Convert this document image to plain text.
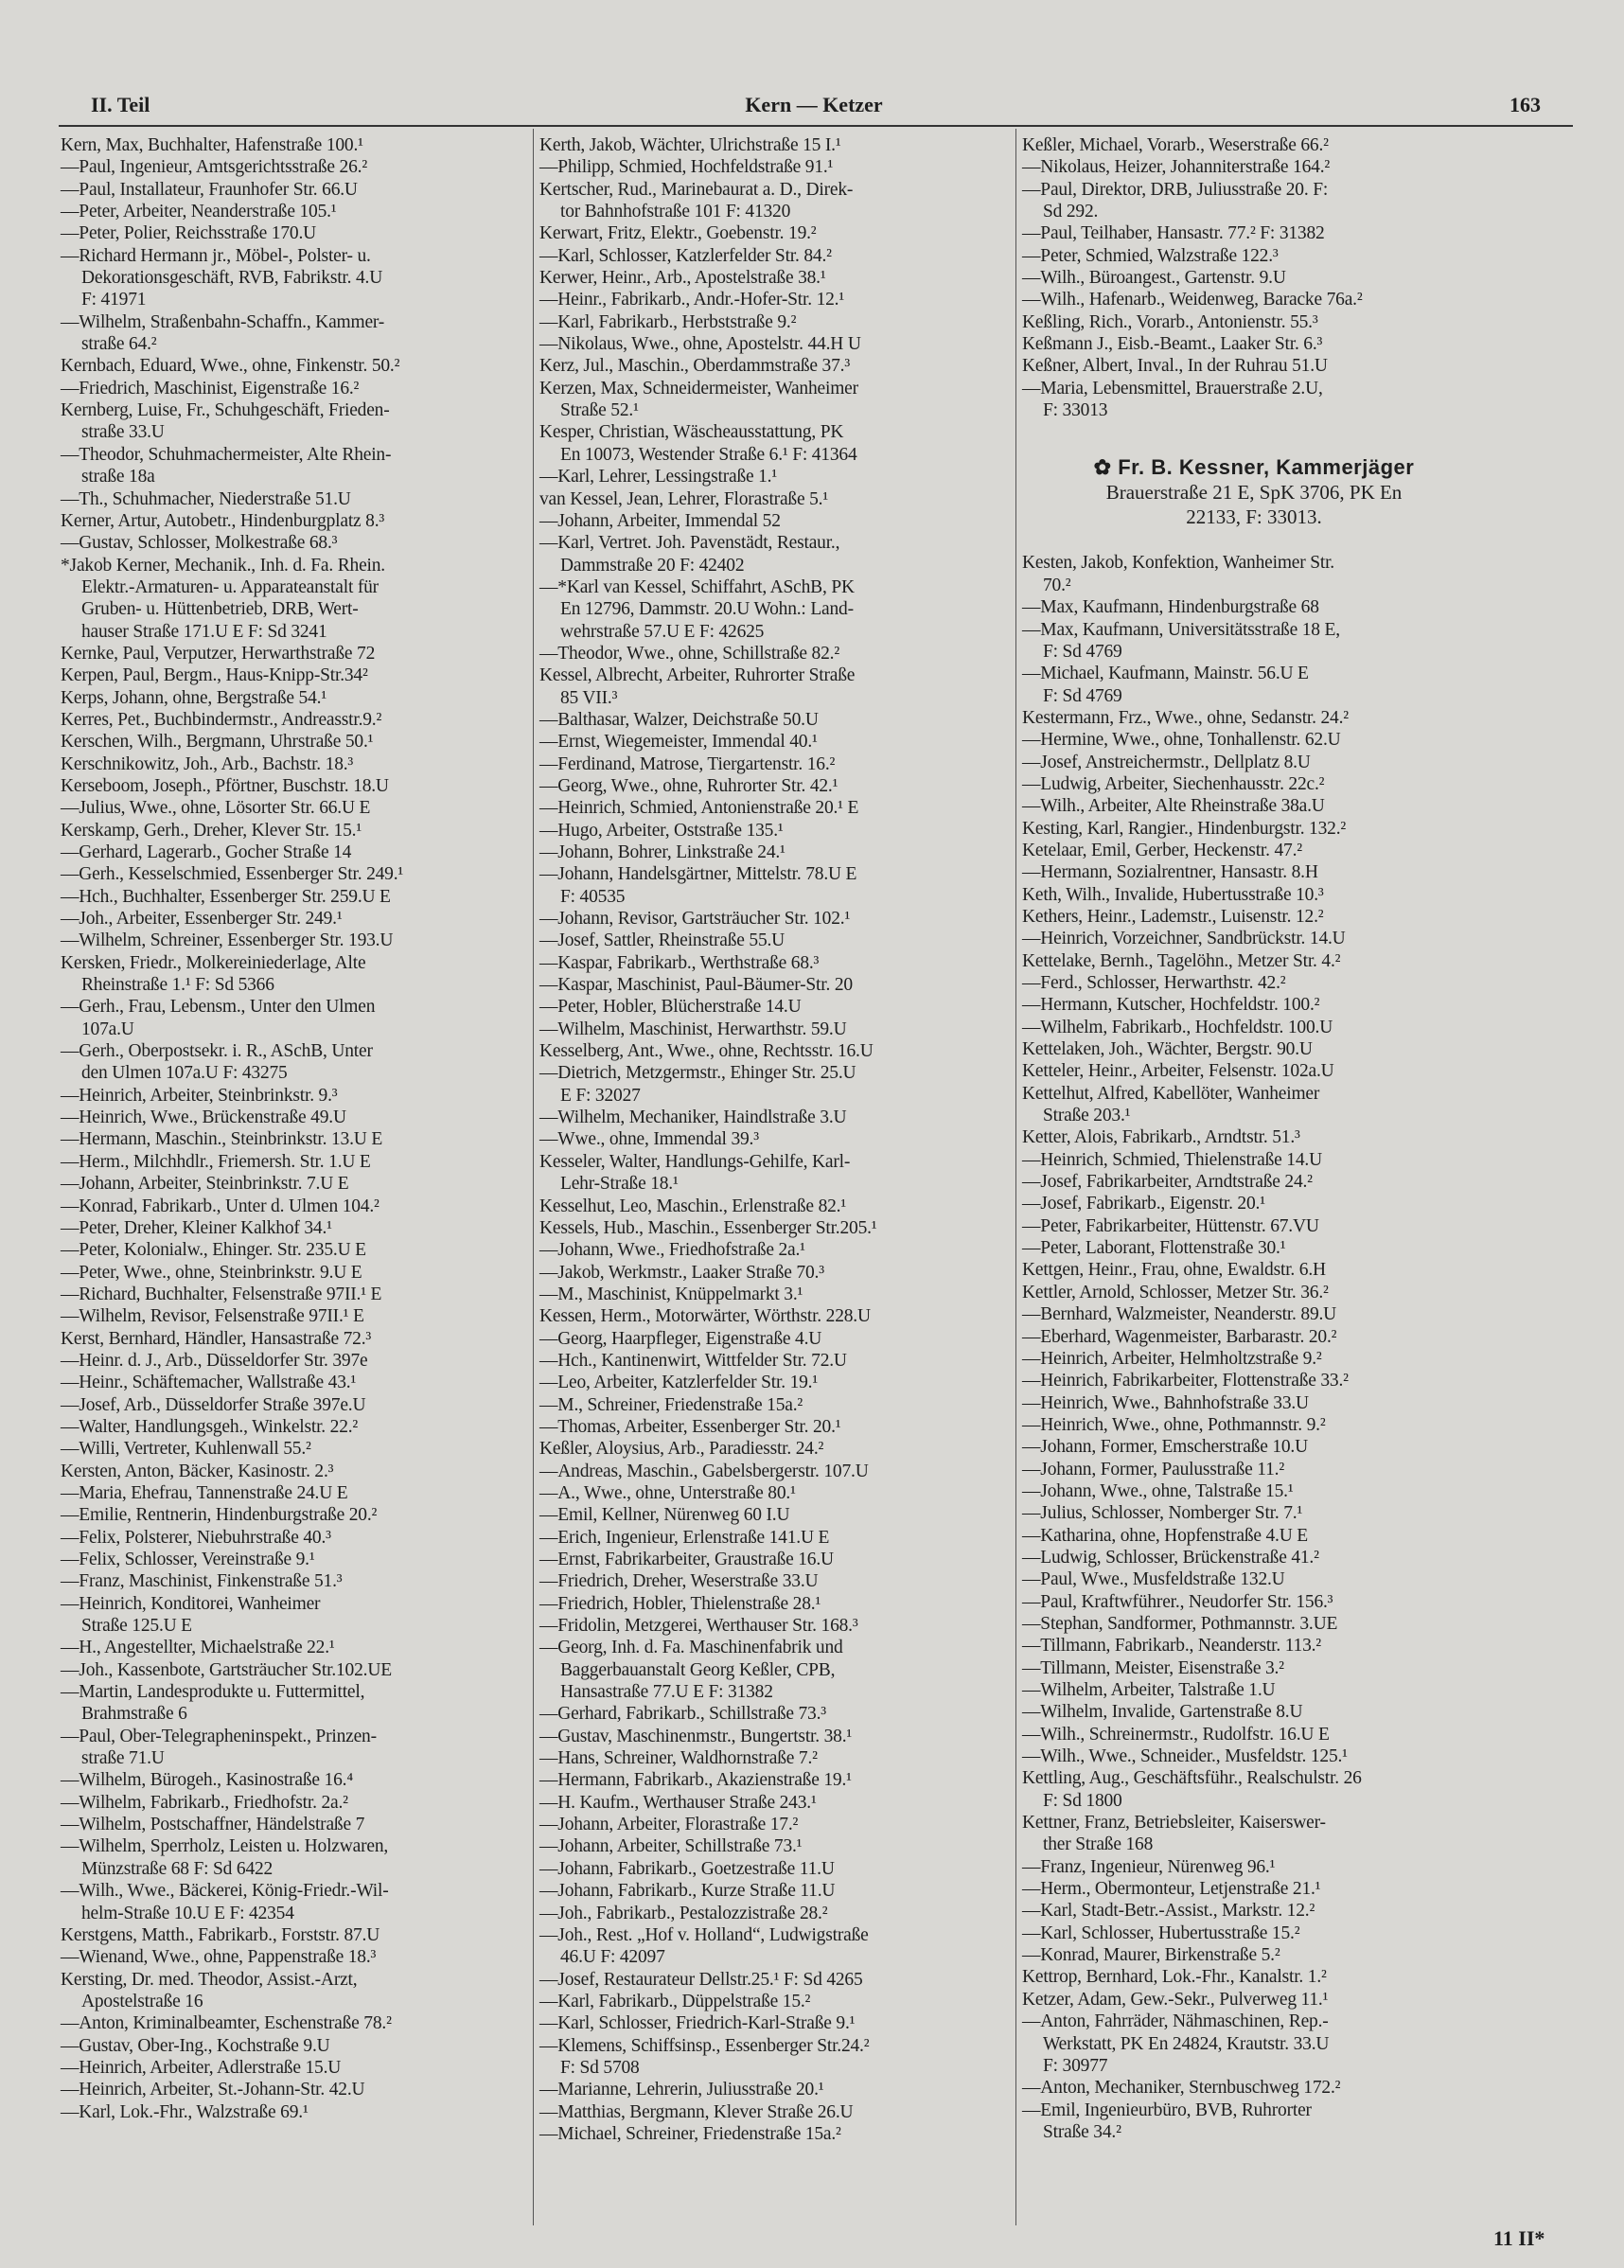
II. Teil	Kern — Ketzer	163
Kern, Max, Buchhalter, Hafenstraße 100.¹
—Paul, Ingenieur, Amtsgerichtsstraße 26.²
—Paul, Installateur, Fraunhofer Str. 66.U
—Peter, Arbeiter, Neanderstraße 105.¹
—Peter, Polier, Reichsstraße 170.U
—Richard Hermann jr., Möbel-, Polster- u.
Dekorationsgeschäft, RVB, Fabrikstr. 4.U
F: 41971
—Wilhelm, Straßenbahn-Schaffn., Kammer-
straße 64.²
Kernbach, Eduard, Wwe., ohne, Finkenstr. 50.²
—Friedrich, Maschinist, Eigenstraße 16.²
Kernberg, Luise, Fr., Schuhgeschäft, Frieden-
straße 33.U
—Theodor, Schuhmachermeister, Alte Rhein-
straße 18a
—Th., Schuhmacher, Niederstraße 51.U
Kerner, Artur, Autobetr., Hindenburgplatz 8.³
—Gustav, Schlosser, Molkestraße 68.³
*Jakob Kerner, Mechanik., Inh. d. Fa. Rhein.
Elektr.-Armaturen- u. Apparateanstalt für
Gruben- u. Hüttenbetrieb, DRB, Wert-
hauser Straße 171.U E F: Sd 3241
Kernke, Paul, Verputzer, Herwarthstraße 72
Kerpen, Paul, Bergm., Haus-Knipp-Str.34²
Kerps, Johann, ohne, Bergstraße 54.¹
Kerres, Pet., Buchbindermstr., Andreasstr.9.²
Kerschen, Wilh., Bergmann, Uhrstraße 50.¹
Kerschnikowitz, Joh., Arb., Bachstr. 18.³
Kerseboom, Joseph., Pförtner, Buschstr. 18.U
—Julius, Wwe., ohne, Lösorter Str. 66.U E
Kerskamp, Gerh., Dreher, Klever Str. 15.¹
—Gerhard, Lagerarb., Gocher Straße 14
—Gerh., Kesselschmied, Essenberger Str. 249.¹
—Hch., Buchhalter, Essenberger Str. 259.U E
—Joh., Arbeiter, Essenberger Str. 249.¹
—Wilhelm, Schreiner, Essenberger Str. 193.U
Kersken, Friedr., Molkereiniederlage, Alte
Rheinstraße 1.¹ F: Sd 5366
—Gerh., Frau, Lebensm., Unter den Ulmen
107a.U
—Gerh., Oberpostsekr. i. R., ASchB, Unter
den Ulmen 107a.U F: 43275
—Heinrich, Arbeiter, Steinbrinkstr. 9.³
—Heinrich, Wwe., Brückenstraße 49.U
—Hermann, Maschin., Steinbrinkstr. 13.U E
—Herm., Milchhdlr., Friemersh. Str. 1.U E
—Johann, Arbeiter, Steinbrinkstr. 7.U E
—Konrad, Fabrikarb., Unter d. Ulmen 104.²
—Peter, Dreher, Kleiner Kalkhof 34.¹
—Peter, Kolonialw., Ehinger. Str. 235.U E
—Peter, Wwe., ohne, Steinbrinkstr. 9.U E
—Richard, Buchhalter, Felsenstraße 97II.¹ E
—Wilhelm, Revisor, Felsenstraße 97II.¹ E
Kerst, Bernhard, Händler, Hansastraße 72.³
—Heinr. d. J., Arb., Düsseldorfer Str. 397e
—Heinr., Schäftemacher, Wallstraße 43.¹
—Josef, Arb., Düsseldorfer Straße 397e.U
—Walter, Handlungsgeh., Winkelstr. 22.²
—Willi, Vertreter, Kuhlenwall 55.²
Kersten, Anton, Bäcker, Kasinostr. 2.³
—Maria, Ehefrau, Tannenstraße 24.U E
—Emilie, Rentnerin, Hindenburgstraße 20.²
—Felix, Polsterer, Niebuhrstraße 40.³
—Felix, Schlosser, Vereinstraße 9.¹
—Franz, Maschinist, Finkenstraße 51.³
—Heinrich, Konditorei, Wanheimer
Straße 125.U E
—H., Angestellter, Michaelstraße 22.¹
—Joh., Kassenbote, Gartsträucher Str.102.UE
—Martin, Landesprodukte u. Futtermittel,
Brahmstraße 6
—Paul, Ober-Telegrapheninspekt., Prinzen-
straße 71.U
—Wilhelm, Bürogeh., Kasinostraße 16.⁴
—Wilhelm, Fabrikarb., Friedhofstr. 2a.²
—Wilhelm, Postschaffner, Händelstraße 7
—Wilhelm, Sperrholz, Leisten u. Holzwaren,
Münzstraße 68 F: Sd 6422
—Wilh., Wwe., Bäckerei, König-Friedr.-Wil-
helm-Straße 10.U E F: 42354
Kerstgens, Matth., Fabrikarb., Forststr. 87.U
—Wienand, Wwe., ohne, Pappenstraße 18.³
Kersting, Dr. med. Theodor, Assist.-Arzt,
Apostelstraße 16
—Anton, Kriminalbeamter, Eschenstraße 78.²
—Gustav, Ober-Ing., Kochstraße 9.U
—Heinrich, Arbeiter, Adlerstraße 15.U
—Heinrich, Arbeiter, St.-Johann-Str. 42.U
—Karl, Lok.-Fhr., Walzstraße 69.¹
Kerth, Jakob, Wächter, Ulrichstraße 15 I.¹
—Philipp, Schmied, Hochfeldstraße 91.¹
Kertscher, Rud., Marinebaurat a. D., Direk-
tor Bahnhofstraße 101 F: 41320
Kerwart, Fritz, Elektr., Goebenstr. 19.²
—Karl, Schlosser, Katzlerfelder Str. 84.²
Kerwer, Heinr., Arb., Apostelstraße 38.¹
—Heinr., Fabrikarb., Andr.-Hofer-Str. 12.¹
—Karl, Fabrikarb., Herbststraße 9.²
—Nikolaus, Wwe., ohne, Apostelstr. 44.H U
Kerz, Jul., Maschin., Oberdammstraße 37.³
Kerzen, Max, Schneidermeister, Wanheimer
Straße 52.¹
Kesper, Christian, Wäscheausstattung, PK
En 10073, Westender Straße 6.¹ F: 41364
—Karl, Lehrer, Lessingstraße 1.¹
van Kessel, Jean, Lehrer, Florastraße 5.¹
—Johann, Arbeiter, Immendal 52
—Karl, Vertret. Joh. Pavenstädt, Restaur.,
Dammstraße 20 F: 42402
—*Karl van Kessel, Schiffahrt, ASchB, PK
En 12796, Dammstr. 20.U Wohn.: Land-
wehrstraße 57.U E F: 42625
—Theodor, Wwe., ohne, Schillstraße 82.²
Kessel, Albrecht, Arbeiter, Ruhrorter Straße
85 VII.³
—Balthasar, Walzer, Deichstraße 50.U
—Ernst, Wiegemeister, Immendal 40.¹
—Ferdinand, Matrose, Tiergartenstr. 16.²
—Georg, Wwe., ohne, Ruhrorter Str. 42.¹
—Heinrich, Schmied, Antonienstraße 20.¹ E
—Hugo, Arbeiter, Oststraße 135.¹
—Johann, Bohrer, Linkstraße 24.¹
—Johann, Handelsgärtner, Mittelstr. 78.U E
F: 40535
—Johann, Revisor, Gartsträucher Str. 102.¹
—Josef, Sattler, Rheinstraße 55.U
—Kaspar, Fabrikarb., Werthstraße 68.³
—Kaspar, Maschinist, Paul-Bäumer-Str. 20
—Peter, Hobler, Blücherstraße 14.U
—Wilhelm, Maschinist, Herwarthstr. 59.U
Kesselberg, Ant., Wwe., ohne, Rechtsstr. 16.U
—Dietrich, Metzgermstr., Ehinger Str. 25.U
E F: 32027
—Wilhelm, Mechaniker, Haindlstraße 3.U
—Wwe., ohne, Immendal 39.³
Kesseler, Walter, Handlungs-Gehilfe, Karl-
Lehr-Straße 18.¹
Kesselhut, Leo, Maschin., Erlenstraße 82.¹
Kessels, Hub., Maschin., Essenberger Str.205.¹
—Johann, Wwe., Friedhofstraße 2a.¹
—Jakob, Werkmstr., Laaker Straße 70.³
—M., Maschinist, Knüppelmarkt 3.¹
Kessen, Herm., Motorwärter, Wörthstr. 228.U
—Georg, Haarpfleger, Eigenstraße 4.U
—Hch., Kantinenwirt, Wittfelder Str. 72.U
—Leo, Arbeiter, Katzlerfelder Str. 19.¹
—M., Schreiner, Friedenstraße 15a.²
—Thomas, Arbeiter, Essenberger Str. 20.¹
Keßler, Aloysius, Arb., Paradiesstr. 24.²
—Andreas, Maschin., Gabelsbergerstr. 107.U
—A., Wwe., ohne, Unterstraße 80.¹
—Emil, Kellner, Nürenweg 60 I.U
—Erich, Ingenieur, Erlenstraße 141.U E
—Ernst, Fabrikarbeiter, Graustraße 16.U
—Friedrich, Dreher, Weserstraße 33.U
—Friedrich, Hobler, Thielenstraße 28.¹
—Fridolin, Metzgerei, Werthauser Str. 168.³
—Georg, Inh. d. Fa. Maschinenfabrik und
Baggerbauanstalt Georg Keßler, CPB,
Hansastraße 77.U E F: 31382
—Gerhard, Fabrikarb., Schillstraße 73.³
—Gustav, Maschinenmstr., Bungertstr. 38.¹
—Hans, Schreiner, Waldhornstraße 7.²
—Hermann, Fabrikarb., Akazienstraße 19.¹
—H. Kaufm., Werthauser Straße 243.¹
—Johann, Arbeiter, Florastraße 17.²
—Johann, Arbeiter, Schillstraße 73.¹
—Johann, Fabrikarb., Goetzestraße 11.U
—Johann, Fabrikarb., Kurze Straße 11.U
—Joh., Fabrikarb., Pestalozzistraße 28.²
—Joh., Rest. „Hof v. Holland“, Ludwigstraße
46.U F: 42097
—Josef, Restaurateur Dellstr.25.¹ F: Sd 4265
—Karl, Fabrikarb., Düppelstraße 15.²
—Karl, Schlosser, Friedrich-Karl-Straße 9.¹
—Klemens, Schiffsinsp., Essenberger Str.24.²
F: Sd 5708
—Marianne, Lehrerin, Juliusstraße 20.¹
—Matthias, Bergmann, Klever Straße 26.U
—Michael, Schreiner, Friedenstraße 15a.²
Keßler, Michael, Vorarb., Weserstraße 66.²
—Nikolaus, Heizer, Johanniterstraße 164.²
—Paul, Direktor, DRB, Juliusstraße 20. F:
Sd 292.
—Paul, Teilhaber, Hansastr. 77.² F: 31382
—Peter, Schmied, Walzstraße 122.³
—Wilh., Büroangest., Gartenstr. 9.U
—Wilh., Hafenarb., Weidenweg, Baracke 76a.²
Keßling, Rich., Vorarb., Antonienstr. 55.³
Keßmann J., Eisb.-Beamt., Laaker Str. 6.³
Keßner, Albert, Inval., In der Ruhrau 51.U
—Maria, Lebensmittel, Brauerstraße 2.U,
F: 33013
✿ Fr. B. Kessner, Kammerjäger
Brauerstraße 21 E, SpK 3706, PK En
22133, F: 33013.
Kesten, Jakob, Konfektion, Wanheimer Str.
70.²
—Max, Kaufmann, Hindenburgstraße 68
—Max, Kaufmann, Universitätsstraße 18 E,
F: Sd 4769
—Michael, Kaufmann, Mainstr. 56.U E
F: Sd 4769
Kestermann, Frz., Wwe., ohne, Sedanstr. 24.²
—Hermine, Wwe., ohne, Tonhallenstr. 62.U
—Josef, Anstreichermstr., Dellplatz 8.U
—Ludwig, Arbeiter, Siechenhausstr. 22c.²
—Wilh., Arbeiter, Alte Rheinstraße 38a.U
Kesting, Karl, Rangier., Hindenburgstr. 132.²
Ketelaar, Emil, Gerber, Heckenstr. 47.²
—Hermann, Sozialrentner, Hansastr. 8.H
Keth, Wilh., Invalide, Hubertusstraße 10.³
Kethers, Heinr., Lademstr., Luisenstr. 12.²
—Heinrich, Vorzeichner, Sandbrückstr. 14.U
Kettelake, Bernh., Tagelöhn., Metzer Str. 4.²
—Ferd., Schlosser, Herwarthstr. 42.²
—Hermann, Kutscher, Hochfeldstr. 100.²
—Wilhelm, Fabrikarb., Hochfeldstr. 100.U
Kettelaken, Joh., Wächter, Bergstr. 90.U
Ketteler, Heinr., Arbeiter, Felsenstr. 102a.U
Kettelhut, Alfred, Kabellöter, Wanheimer
Straße 203.¹
Ketter, Alois, Fabrikarb., Arndtstr. 51.³
—Heinrich, Schmied, Thielenstraße 14.U
—Josef, Fabrikarbeiter, Arndtstraße 24.²
—Josef, Fabrikarb., Eigenstr. 20.¹
—Peter, Fabrikarbeiter, Hüttenstr. 67.VU
—Peter, Laborant, Flottenstraße 30.¹
Kettgen, Heinr., Frau, ohne, Ewaldstr. 6.H
Kettler, Arnold, Schlosser, Metzer Str. 36.²
—Bernhard, Walzmeister, Neanderstr. 89.U
—Eberhard, Wagenmeister, Barbarastr. 20.²
—Heinrich, Arbeiter, Helmholtzstraße 9.²
—Heinrich, Fabrikarbeiter, Flottenstraße 33.²
—Heinrich, Wwe., Bahnhofstraße 33.U
—Heinrich, Wwe., ohne, Pothmannstr. 9.²
—Johann, Former, Emscherstraße 10.U
—Johann, Former, Paulusstraße 11.²
—Johann, Wwe., ohne, Talstraße 15.¹
—Julius, Schlosser, Nomberger Str. 7.¹
—Katharina, ohne, Hopfenstraße 4.U E
—Ludwig, Schlosser, Brückenstraße 41.²
—Paul, Wwe., Musfeldstraße 132.U
—Paul, Kraftwführer., Neudorfer Str. 156.³
—Stephan, Sandformer, Pothmannstr. 3.UE
—Tillmann, Fabrikarb., Neanderstr. 113.²
—Tillmann, Meister, Eisenstraße 3.²
—Wilhelm, Arbeiter, Talstraße 1.U
—Wilhelm, Invalide, Gartenstraße 8.U
—Wilh., Schreinermstr., Rudolfstr. 16.U E
—Wilh., Wwe., Schneider., Musfeldstr. 125.¹
Kettling, Aug., Geschäftsführ., Realschulstr. 26
F: Sd 1800
Kettner, Franz, Betriebsleiter, Kaiserswer-
ther Straße 168
—Franz, Ingenieur, Nürenweg 96.¹
—Herm., Obermonteur, Letjenstraße 21.¹
—Karl, Stadt-Betr.-Assist., Markstr. 12.²
—Karl, Schlosser, Hubertusstraße 15.²
—Konrad, Maurer, Birkenstraße 5.²
Kettrop, Bernhard, Lok.-Fhr., Kanalstr. 1.²
Ketzer, Adam, Gew.-Sekr., Pulverweg 11.¹
—Anton, Fahrräder, Nähmaschinen, Rep.-
Werkstatt, PK En 24824, Krautstr. 33.U
F: 30977
—Anton, Mechaniker, Sternbuschweg 172.²
—Emil, Ingenieurbüro, BVB, Ruhrorter
Straße 34.²
11 II*
